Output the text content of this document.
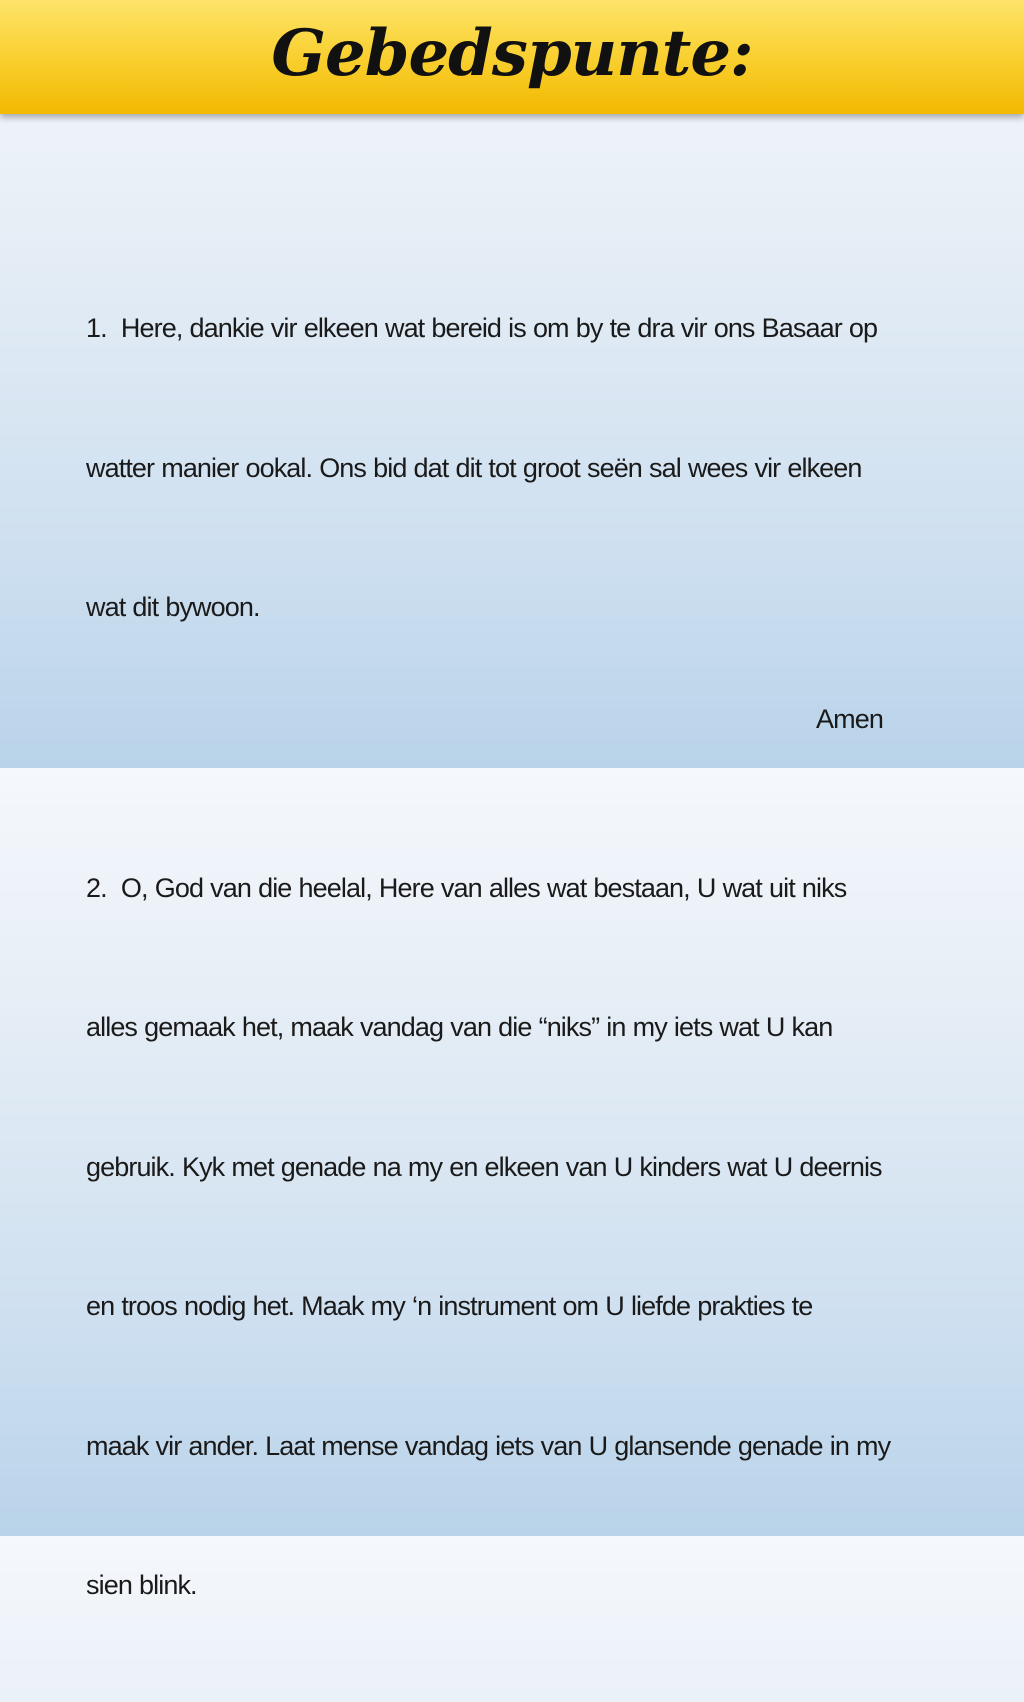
Gebedspunte:

1.  Here, dankie vir elkeen wat bereid is om by te dra vir ons Basaar op

watter manier ookal. Ons bid dat dit tot groot seën sal wees vir elkeen

wat dit bywoon.

2.  O, God van die heelal, Here van alles wat bestaan, U wat uit niks

alles gemaak het, maak vandag van die “niks” in my iets wat U kan

gebruik. Kyk met genade na my en elkeen van U kinders wat U deernis

en troos nodig het. Maak my ‘n instrument om U liefde prakties te

maak vir ander. Laat mense vandag iets van U glansende genade in my

sien blink.

Amen
